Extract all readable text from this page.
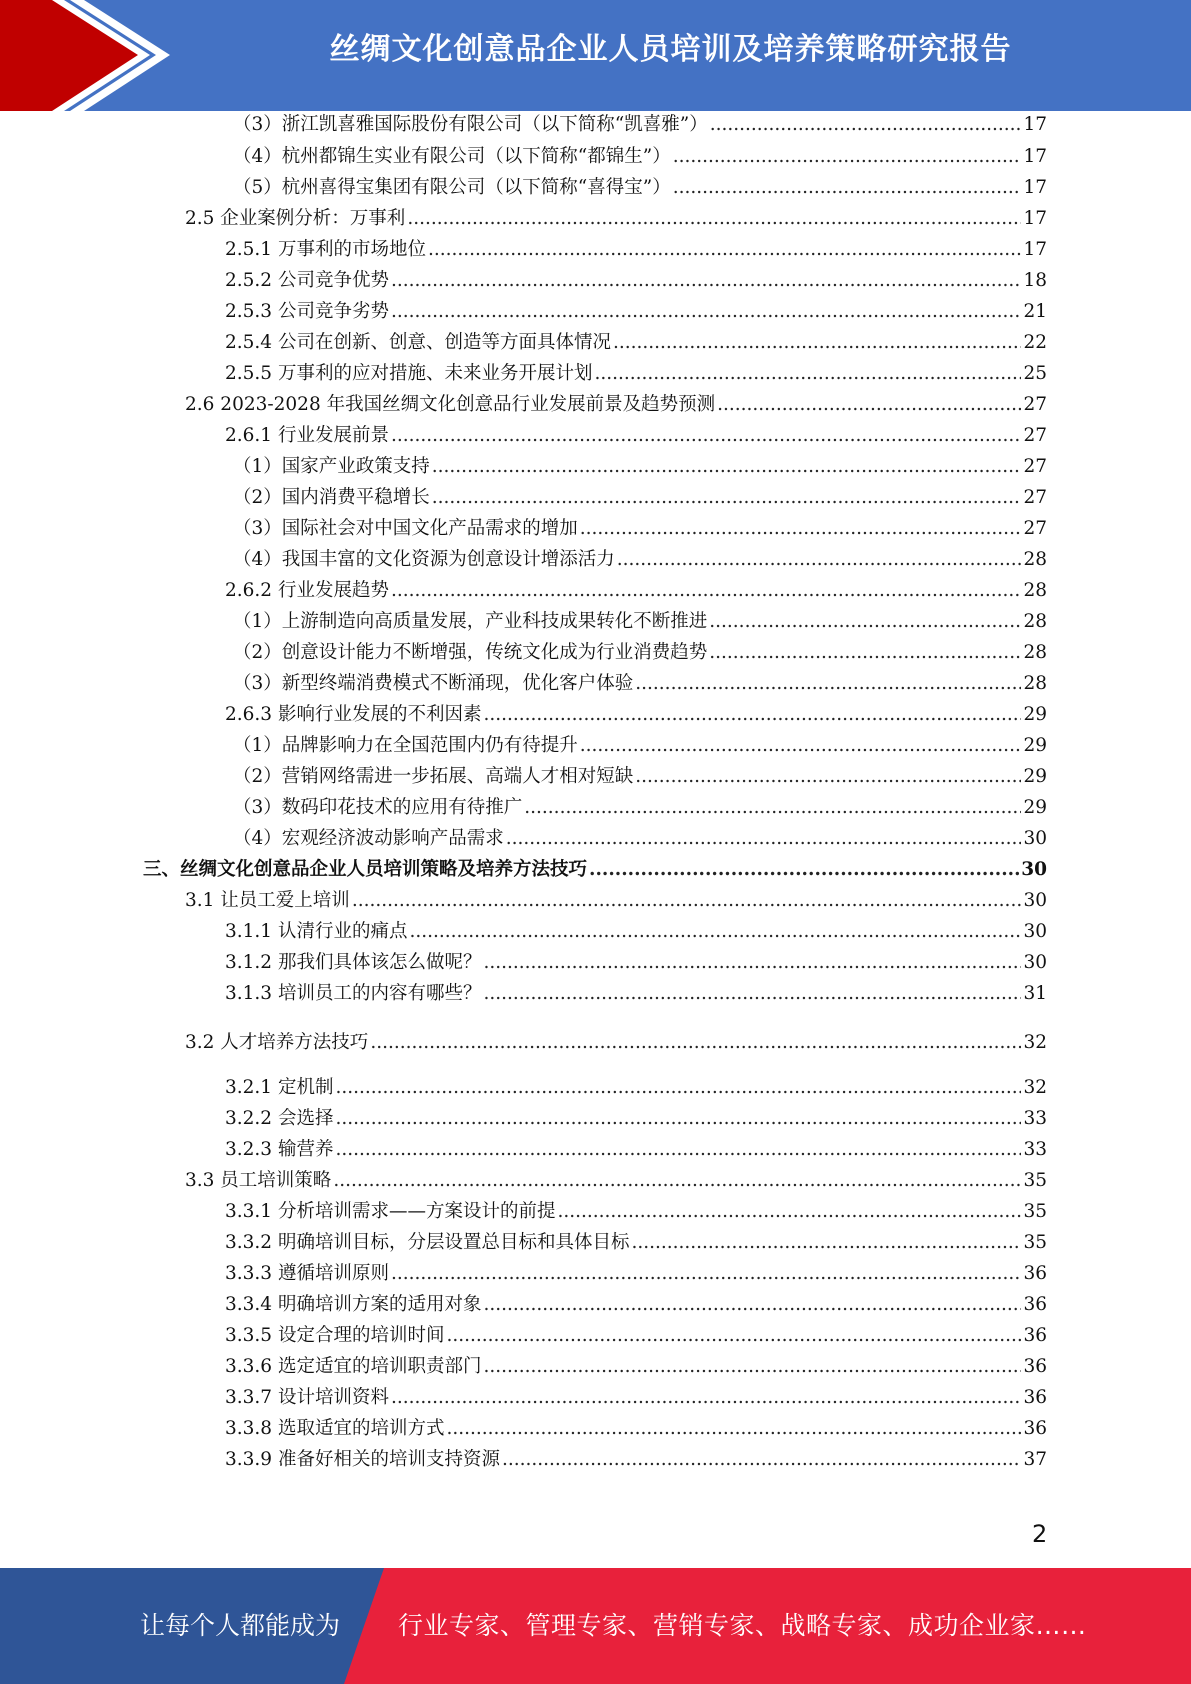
丝绸文化创意品企业人员培训及培养策略研究报告
（3）浙江凯喜雅国际股份有限公司（以下简称“凯喜雅”） .....	17
（4）杭州都锦生实业有限公司（以下简称“都锦生”） .....	17
（5）杭州喜得宝集团有限公司（以下简称“喜得宝”） .....	17
2.5 企业案例分析：万事利 .....	17
2.5.1 万事利的市场地位 .....	17
2.5.2 公司竞争优势 .....	18
2.5.3 公司竞争劣势 .....	21
2.5.4 公司在创新、创意、创造等方面具体情况 .....	22
2.5.5 万事利的应对措施、未来业务开展计划 .....	25
2.6 2023-2028 年我国丝绸文化创意品行业发展前景及趋势预测 .....	27
2.6.1 行业发展前景 .....	27
（1）国家产业政策支持 .....	27
（2）国内消费平稳增长 .....	27
（3）国际社会对中国文化产品需求的增加 .....	27
（4）我国丰富的文化资源为创意设计增添活力 .....	28
2.6.2 行业发展趋势 .....	28
（1）上游制造向高质量发展，产业科技成果转化不断推进 .....	28
（2）创意设计能力不断增强，传统文化成为行业消费趋势 .....	28
（3）新型终端消费模式不断涌现，优化客户体验 .....	28
2.6.3 影响行业发展的不利因素 .....	29
（1）品牌影响力在全国范围内仍有待提升 .....	29
（2）营销网络需进一步拓展、高端人才相对短缺 .....	29
（3）数码印花技术的应用有待推广 .....	29
（4）宏观经济波动影响产品需求 .....	30
三、丝绸文化创意品企业人员培训策略及培养方法技巧 .....	30
3.1 让员工爱上培训 .....	30
3.1.1 认清行业的痛点 .....	30
3.1.2 那我们具体该怎么做呢？ .....	30
3.1.3 培训员工的内容有哪些？ .....	31
3.2 人才培养方法技巧 .....	32
3.2.1 定机制 .....	32
3.2.2 会选择 .....	33
3.2.3 输营养 .....	33
3.3 员工培训策略 .....	35
3.3.1 分析培训需求——方案设计的前提 .....	35
3.3.2 明确培训目标，分层设置总目标和具体目标 .....	35
3.3.3 遵循培训原则 .....	36
3.3.4 明确培训方案的适用对象 .....	36
3.3.5 设定合理的培训时间 .....	36
3.3.6 选定适宜的培训职责部门 .....	36
3.3.7 设计培训资料 .....	36
3.3.8 选取适宜的培训方式 .....	36
3.3.9 准备好相关的培训支持资源 .....	37
2
让每个人都能成为 行业专家、管理专家、营销专家、战略专家、成功企业家……
